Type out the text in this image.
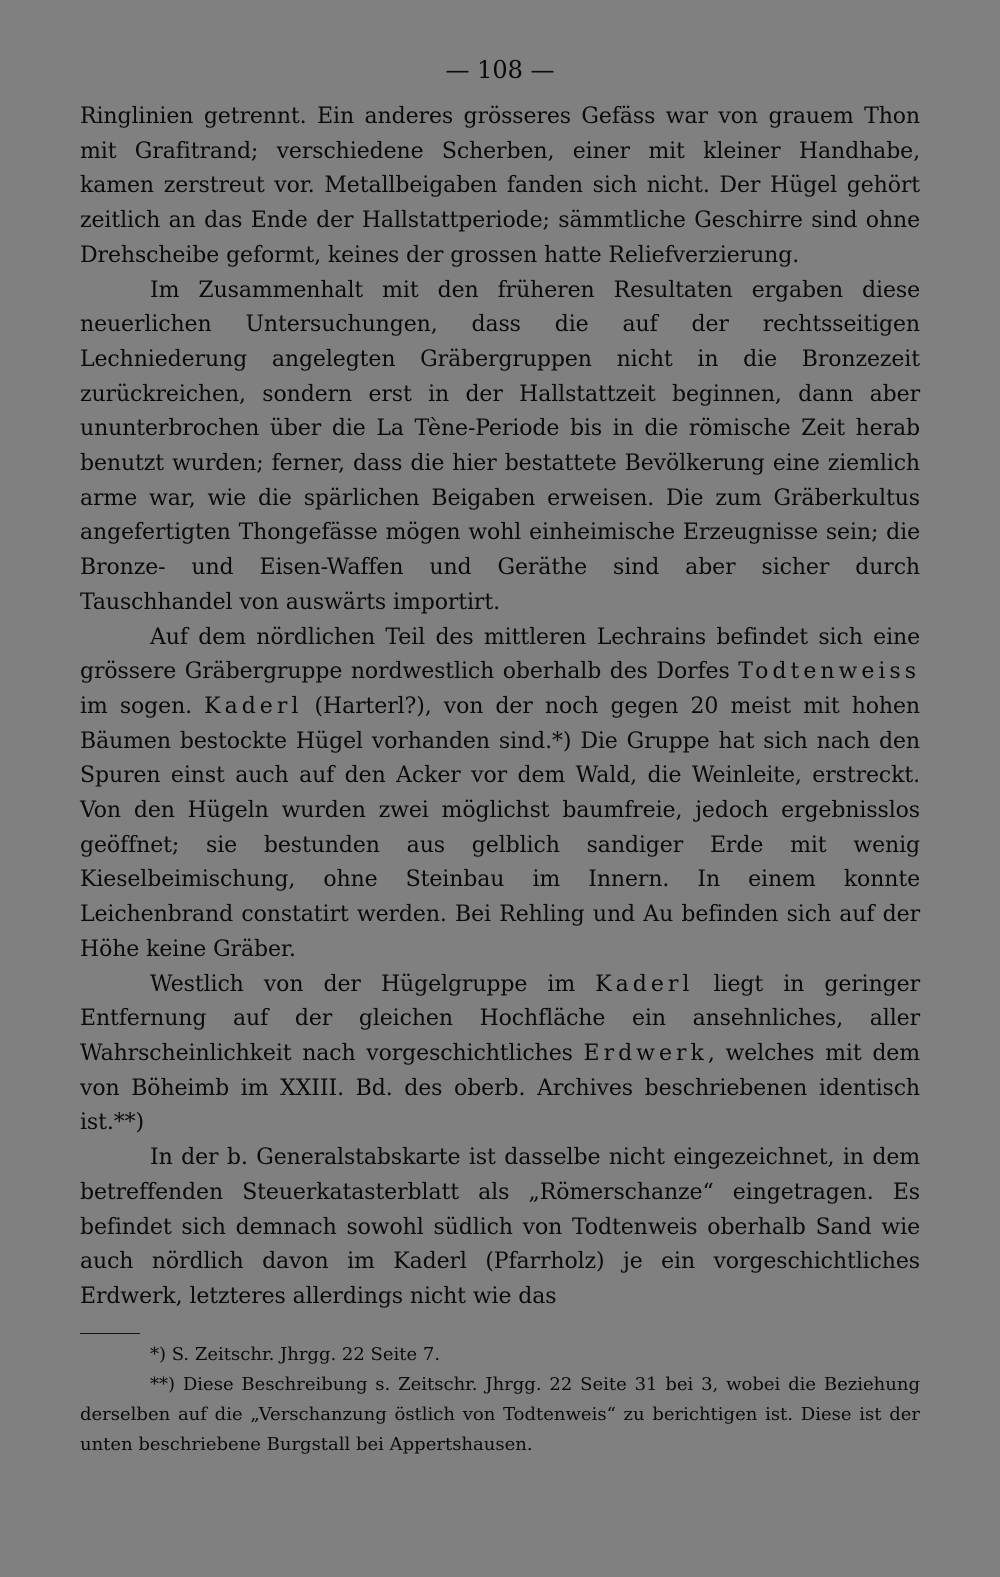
— 108 —

Ringlinien getrennt. Ein anderes grösseres Gefäss war von grauem Thon mit Grafitrand; verschiedene Scherben, einer mit kleiner Handhabe, kamen zerstreut vor. Metallbeigaben fanden sich nicht. Der Hügel gehört zeitlich an das Ende der Hallstattperiode; sämmtliche Geschirre sind ohne Drehscheibe geformt, keines der grossen hatte Reliefverzierung.

Im Zusammenhalt mit den früheren Resultaten ergaben diese neuerlichen Untersuchungen, dass die auf der rechtsseitigen Lechniederung angelegten Gräbergruppen nicht in die Bronzezeit zurückreichen, sondern erst in der Hallstattzeit beginnen, dann aber ununterbrochen über die La Tène-Periode bis in die römische Zeit herab benutzt wurden; ferner, dass die hier bestattete Bevölkerung eine ziemlich arme war, wie die spärlichen Beigaben erweisen. Die zum Gräberkultus angefertigten Thongefässe mögen wohl einheimische Erzeugnisse sein; die Bronze- und Eisen-Waffen und Geräthe sind aber sicher durch Tauschhandel von auswärts importirt.

Auf dem nördlichen Teil des mittleren Lechrains befindet sich eine grössere Gräbergruppe nordwestlich oberhalb des Dorfes Todtenweiss im sogen. Kaderl (Harterl?), von der noch gegen 20 meist mit hohen Bäumen bestockte Hügel vorhanden sind.*) Die Gruppe hat sich nach den Spuren einst auch auf den Acker vor dem Wald, die Weinleite, erstreckt. Von den Hügeln wurden zwei möglichst baumfreie, jedoch ergebnisslos geöffnet; sie bestunden aus gelblich sandiger Erde mit wenig Kieselbeimischung, ohne Steinbau im Innern. In einem konnte Leichenbrand constatirt werden. Bei Rehling und Au befinden sich auf der Höhe keine Gräber.

Westlich von der Hügelgruppe im Kaderl liegt in geringer Entfernung auf der gleichen Hochfläche ein ansehnliches, aller Wahrscheinlichkeit nach vorgeschichtliches Erdwerk, welches mit dem von Böheimb im XXIII. Bd. des oberb. Archives beschriebenen identisch ist.**)

In der b. Generalstabskarte ist dasselbe nicht eingezeichnet, in dem betreffenden Steuerkatasterblatt als „Römerschanze“ eingetragen. Es befindet sich demnach sowohl südlich von Todtenweis oberhalb Sand wie auch nördlich davon im Kaderl (Pfarrholz) je ein vorgeschichtliches Erdwerk, letzteres allerdings nicht wie das

*) S. Zeitschr. Jhrgg. 22 Seite 7.

**) Diese Beschreibung s. Zeitschr. Jhrgg. 22 Seite 31 bei 3, wobei die Beziehung derselben auf die „Verschanzung östlich von Todtenweis“ zu berichtigen ist. Diese ist der unten beschriebene Burgstall bei Appertshausen.
